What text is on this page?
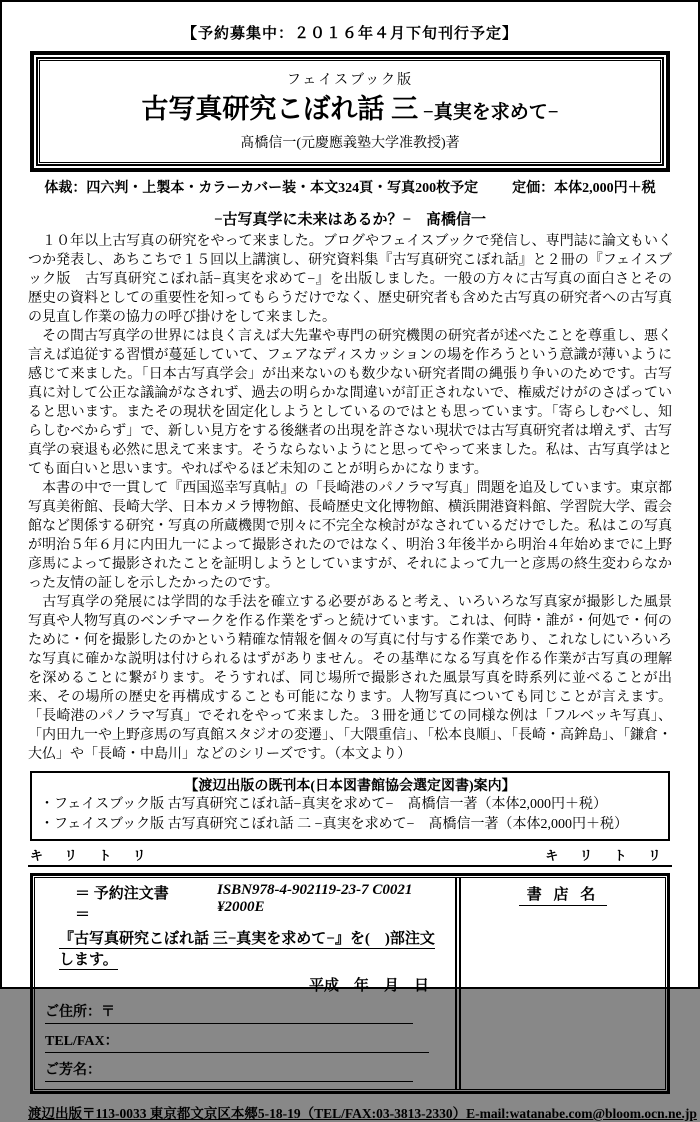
【予約募集中：２０１６年４月下旬刊行予定】
フェイスブック版
古写真研究こぼれ話 三 −真実を求めて−
髙橋信一(元慶應義塾大学准教授)著
体裁：四六判・上製本・カラーカバー装・本文324頁・写真200枚予定 定価：本体2,000円＋税
−古写真学に未来はあるか？−　髙橋信一

　１０年以上古写真の研究をやって来ました。ブログやフェイスブックで発信し、専門誌に論文もいくつか発表し、あちこちで１５回以上講演し、研究資料集『古写真研究こぼれ話』と２冊の『フェイスブック版　古写真研究こぼれ話−真実を求めて−』を出版しました。一般の方々に古写真の面白さとその歴史の資料としての重要性を知ってもらうだけでなく、歴史研究者も含めた古写真の研究者への古写真の見直し作業の協力の呼び掛けをして来ました。

　その間古写真学の世界には良く言えば大先輩や専門の研究機関の研究者が述べたことを尊重し、悪く言えば追従する習慣が蔓延していて、フェアなディスカッションの場を作ろうという意識が薄いように感じて来ました。「日本古写真学会」が出来ないのも数少ない研究者間の縄張り争いのためです。古写真に対して公正な議論がなされず、過去の明らかな間違いが訂正されないで、権威だけがのさばっていると思います。またその現状を固定化しようとしているのではとも思っています。「寄らしむべし、知らしむべからず」で、新しい見方をする後継者の出現を許さない現状では古写真研究者は増えず、古写真学の衰退も必然に思えて来ます。そうならないようにと思ってやって来ました。私は、古写真学はとても面白いと思います。やればやるほど未知のことが明らかになります。

　本書の中で一貫して『西国巡幸写真帖』の「長崎港のパノラマ写真」問題を追及しています。東京都写真美術館、長崎大学、日本カメラ博物館、長崎歴史文化博物館、横浜開港資料館、学習院大学、霞会館など関係する研究・写真の所蔵機関で別々に不完全な検討がなされているだけでした。私はこの写真が明治５年６月に内田九一によって撮影されたのではなく、明治３年後半から明治４年始めまでに上野彦馬によって撮影されたことを証明しようとしていますが、それによって九一と彦馬の終生変わらなかった友情の証しを示したかったのです。

　古写真学の発展には学問的な手法を確立する必要があると考え、いろいろな写真家が撮影した風景写真や人物写真のベンチマークを作る作業をずっと続けています。これは、何時・誰が・何処で・何のために・何を撮影したのかという精確な情報を個々の写真に付与する作業であり、これなしにいろいろな写真に確かな説明は付けられるはずがありません。その基準になる写真を作る作業が古写真の理解を深めることに繋がります。そうすれば、同じ場所で撮影された風景写真を時系列に並べることが出来、その場所の歴史を再構成することも可能になります。人物写真についても同じことが言えます。「長崎港のパノラマ写真」でそれをやって来ました。３冊を通じての同様な例は「フルベッキ写真」、「内田九一や上野彦馬の写真館スタジオの変遷」、「大隈重信」、「松本良順」、「長崎・高鉾島」、「鎌倉・大仏」や「長崎・中島川」などのシリーズです。（本文より）

【渡辺出版の既刊本(日本図書館協会選定図書)案内】
・フェイスブック版 古写真研究こぼれ話−真実を求めて−　髙橋信一著（本体2,000円＋税）
・フェイスブック版 古写真研究こぼれ話 二 −真実を求めて−　髙橋信一著（本体2,000円＋税）
キ リ ト リ	キ リ ト リ
＝ 予約注文書 ＝
ISBN978-4-902119-23-7 C0021 ¥2000E
『古写真研究こぼれ話 三−真実を求めて−』を(　)部注文します。
平成　年　月　日
ご住所：〒
TEL/FAX：
ご芳名：
書 店 名
渡辺出版〒113-0033 東京都文京区本郷5-18-19（TEL/FAX:03-3813-2330）E-mail:watanabe.com@bloom.ocn.ne.jp
